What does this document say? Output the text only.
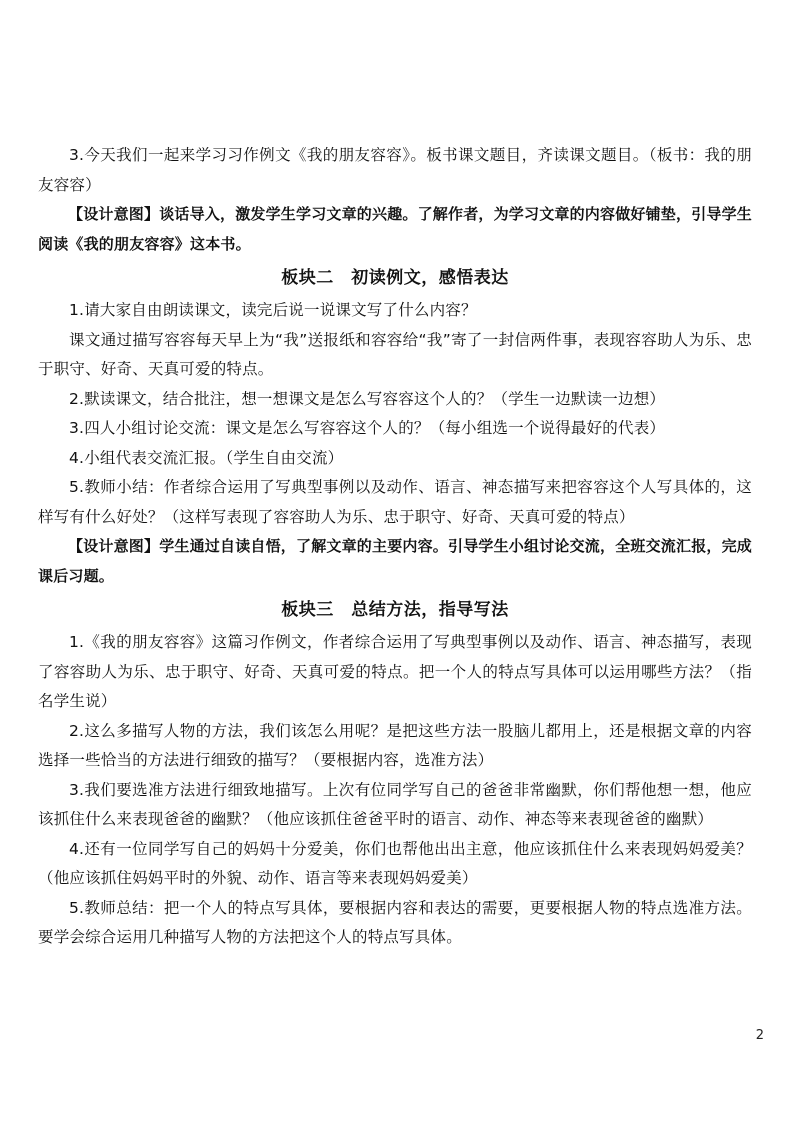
3.今天我们一起来学习习作例文《我的朋友容容》。板书课文题目，齐读课文题目。（板书：我的朋友容容）

【设计意图】谈话导入，激发学生学习文章的兴趣。了解作者，为学习文章的内容做好铺垫，引导学生阅读《我的朋友容容》这本书。

板块二　初读例文，感悟表达

1.请大家自由朗读课文，读完后说一说课文写了什么内容？

课文通过描写容容每天早上为“我”送报纸和容容给“我”寄了一封信两件事，表现容容助人为乐、忠于职守、好奇、天真可爱的特点。

2.默读课文，结合批注，想一想课文是怎么写容容这个人的？（学生一边默读一边想）

3.四人小组讨论交流：课文是怎么写容容这个人的？（每小组选一个说得最好的代表）

4.小组代表交流汇报。（学生自由交流）

5.教师小结：作者综合运用了写典型事例以及动作、语言、神态描写来把容容这个人写具体的，这样写有什么好处？（这样写表现了容容助人为乐、忠于职守、好奇、天真可爱的特点）

【设计意图】学生通过自读自悟，了解文章的主要内容。引导学生小组讨论交流，全班交流汇报，完成课后习题。

板块三　总结方法，指导写法

1.《我的朋友容容》这篇习作例文，作者综合运用了写典型事例以及动作、语言、神态描写，表现了容容助人为乐、忠于职守、好奇、天真可爱的特点。把一个人的特点写具体可以运用哪些方法？（指名学生说）

2.这么多描写人物的方法，我们该怎么用呢？是把这些方法一股脑儿都用上，还是根据文章的内容选择一些恰当的方法进行细致的描写？（要根据内容，选准方法）

3.我们要选准方法进行细致地描写。上次有位同学写自己的爸爸非常幽默，你们帮他想一想，他应该抓住什么来表现爸爸的幽默？（他应该抓住爸爸平时的语言、动作、神态等来表现爸爸的幽默）

4.还有一位同学写自己的妈妈十分爱美，你们也帮他出出主意，他应该抓住什么来表现妈妈爱美？（他应该抓住妈妈平时的外貌、动作、语言等来表现妈妈爱美）

5.教师总结：把一个人的特点写具体，要根据内容和表达的需要，更要根据人物的特点选准方法。要学会综合运用几种描写人物的方法把这个人的特点写具体。

2
